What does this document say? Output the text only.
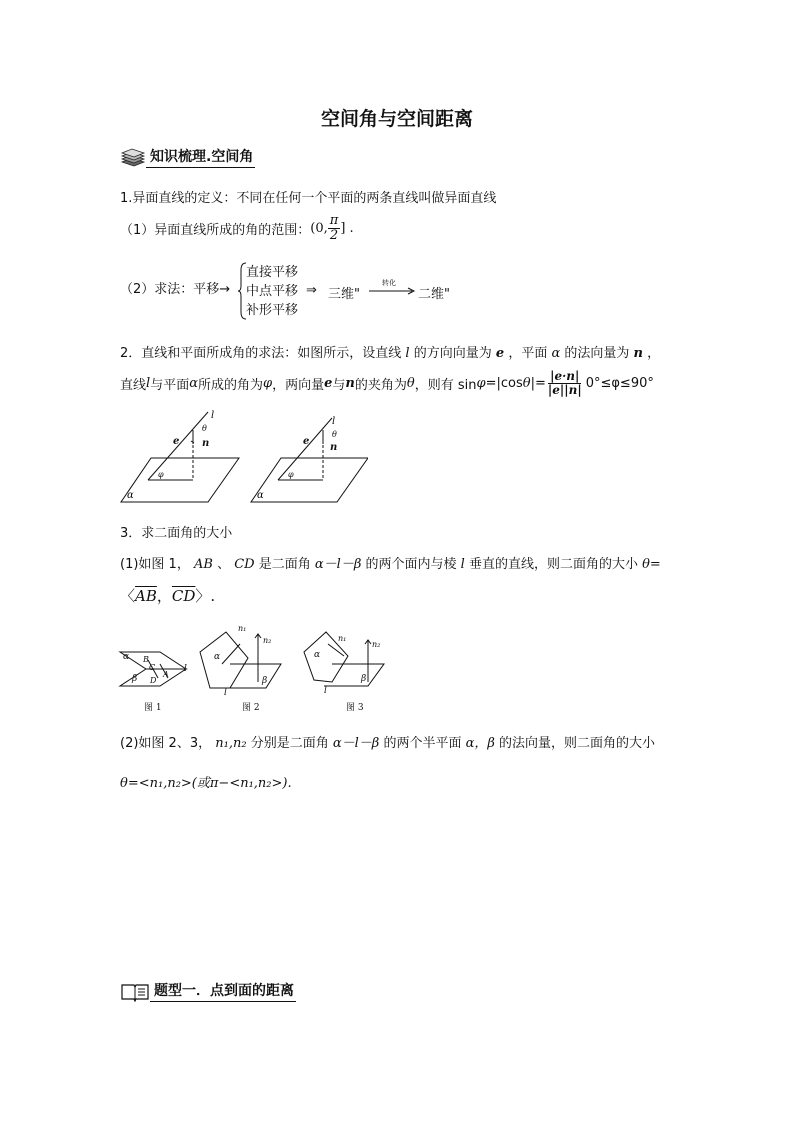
空间角与空间距离
知识梳理.空间角
1.异面直线的定义：不同在任何一个平面的两条直线叫做异面直线
（1）异面直线所成的角的范围： (0, $\frac{\pi}{2}$ ] .
（2）求法：平移→
直接平移
中点平移
补形平移
⇒ 三维"
转化
二维"
2．直线和平面所成角的求法：如图所示，设直线 l 的方向向量为 e ，平面 α 的法向量为 n ，
直线 l 与平面 α 所成的角为 φ ，两向量 e 与 n 的夹角为 θ ，则有 sin φ =|cos θ |= $\frac{|e\cdot n|}{|e||n|} 0^\circ\le\varphi\le 90^\circ$
l
θ
e n
φ
α
l
θ
e
n
φ
α
3．求二面角的大小
(1)如图 1， AB 、 CD 是二面角 α－l－β 的两个面内与棱 l 垂直的直线，则二面角的大小 θ=
〈$\overline{AB}$，$\overline{CD}$〉.
α B
C
β D
A
l
n₁
n₂
α
β
l
n₁
n₂
α
β
l
图 1	图 2	图 3
(2)如图 2、3， n₁,n₂ 分别是二面角 α－l－β 的两个半平面 α，β 的法向量，则二面角的大小
θ=<n₁,n₂>(或π−<n₁,n₂>).
题型一．点到面的距离
